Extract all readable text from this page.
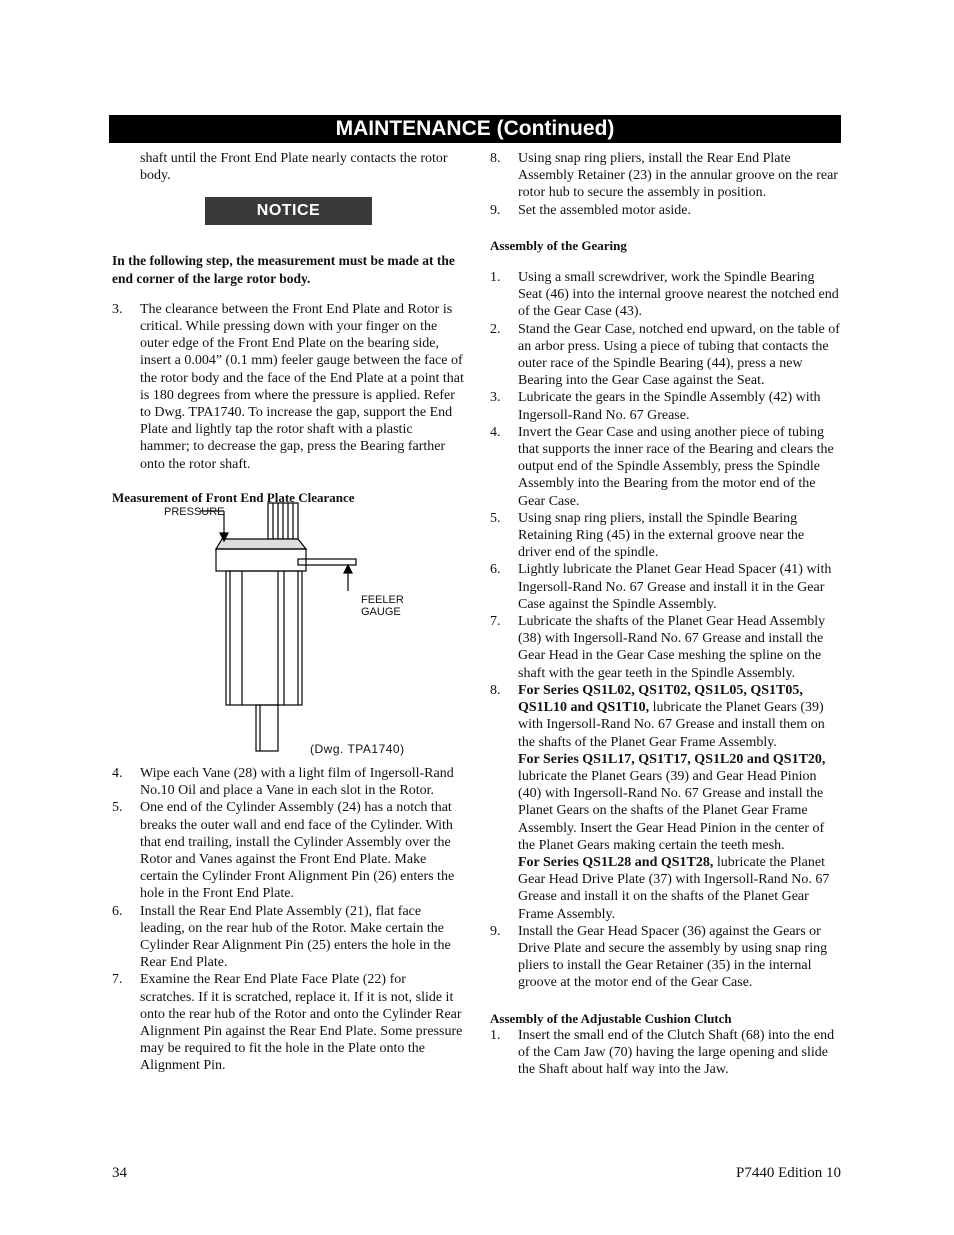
MAINTENANCE (Continued)

shaft until the Front End Plate nearly contacts the rotor body.

In the following step, the measurement must be made at the end corner of the large rotor body.

3.	The clearance between the Front End Plate and Rotor is critical. While pressing down with your finger on the outer edge of the Front End Plate on the bearing side, insert a 0.004” (0.1 mm) feeler gauge between the face of the rotor body and the face of the End Plate at a point that is 180 degrees from where the pressure is applied. Refer to Dwg. TPA1740. To increase the gap, support the End Plate and lightly tap the rotor shaft with a plastic hammer; to decrease the gap, press the Bearing farther onto the rotor shaft.

Measurement of Front End Plate Clearance

NOTICE
PRESSURE
FEELER
GAUGE
(Dwg. TPA1740)
4.	Wipe each Vane (28) with a light film of Ingersoll-Rand No.10 Oil and place a Vane in each slot in the Rotor.
5.	One end of the Cylinder Assembly (24) has a notch that breaks the outer wall and end face of the Cylinder. With that end trailing, install the Cylinder Assembly over the Rotor and Vanes against the Front End Plate. Make certain the Cylinder Front Alignment Pin (26) enters the hole in the Front End Plate.
6.	Install the Rear End Plate Assembly (21), flat face leading, on the rear hub of the Rotor. Make certain the Cylinder Rear Alignment Pin (25) enters the hole in the Rear End Plate.
7.	Examine the Rear End Plate Face Plate (22) for scratches. If it is scratched, replace it. If it is not, slide it onto the rear hub of the Rotor and onto the Cylinder Rear Alignment Pin against the Rear End Plate. Some pressure may be required to fit the hole in the Plate onto the Alignment Pin.
8.	Using snap ring pliers, install the Rear End Plate Assembly Retainer (23) in the annular groove on the rear rotor hub to secure the assembly in position.
9.	Set the assembled motor aside.

Assembly of the Gearing

1.	Using a small screwdriver, work the Spindle Bearing Seat (46) into the internal groove nearest the notched end of the Gear Case (43).
2.	Stand the Gear Case, notched end upward, on the table of an arbor press. Using a piece of tubing that contacts the outer race of the Spindle Bearing (44), press a new Bearing into the Gear Case against the Seat.
3.	Lubricate the gears in the Spindle Assembly (42) with Ingersoll-Rand No. 67 Grease.
4.	Invert the Gear Case and using another piece of tubing that supports the inner race of the Bearing and clears the output end of the Spindle Assembly, press the Spindle Assembly into the Bearing from the motor end of the Gear Case.
5.	Using snap ring pliers, install the Spindle Bearing Retaining Ring (45) in the external groove near the driver end of the spindle.
6.	Lightly lubricate the Planet Gear Head Spacer (41) with Ingersoll-Rand No. 67 Grease and install it in the Gear Case against the Spindle Assembly.
7.	Lubricate the shafts of the Planet Gear Head Assembly (38) with Ingersoll-Rand No. 67 Grease and install the Gear Head in the Gear Case meshing the spline on the shaft with the gear teeth in the Spindle Assembly.
8.	For Series QS1L02, QS1T02, QS1L05, QS1T05, QS1L10 and QS1T10, lubricate the Planet Gears (39) with Ingersoll-Rand No. 67 Grease and install them on the shafts of the Planet Gear Frame Assembly.
For Series QS1L17, QS1T17, QS1L20 and QS1T20, lubricate the Planet Gears (39) and Gear Head Pinion (40) with Ingersoll-Rand No. 67 Grease and install the Planet Gears on the shafts of the Planet Gear Frame Assembly. Insert the Gear Head Pinion in the center of the Planet Gears making certain the teeth mesh.
For Series QS1L28 and QS1T28, lubricate the Planet Gear Head Drive Plate (37) with Ingersoll-Rand No. 67 Grease and install it on the shafts of the Planet Gear Frame Assembly.
9.	Install the Gear Head Spacer (36) against the Gears or Drive Plate and secure the assembly by using snap ring pliers to install the Gear Retainer (35) in the internal groove at the motor end of the Gear Case.

Assembly of the Adjustable Cushion Clutch

1.	Insert the small end of the Clutch Shaft (68) into the end of the Cam Jaw (70) having the large opening and slide the Shaft about half way into the Jaw.
34	P7440 Edition 10
